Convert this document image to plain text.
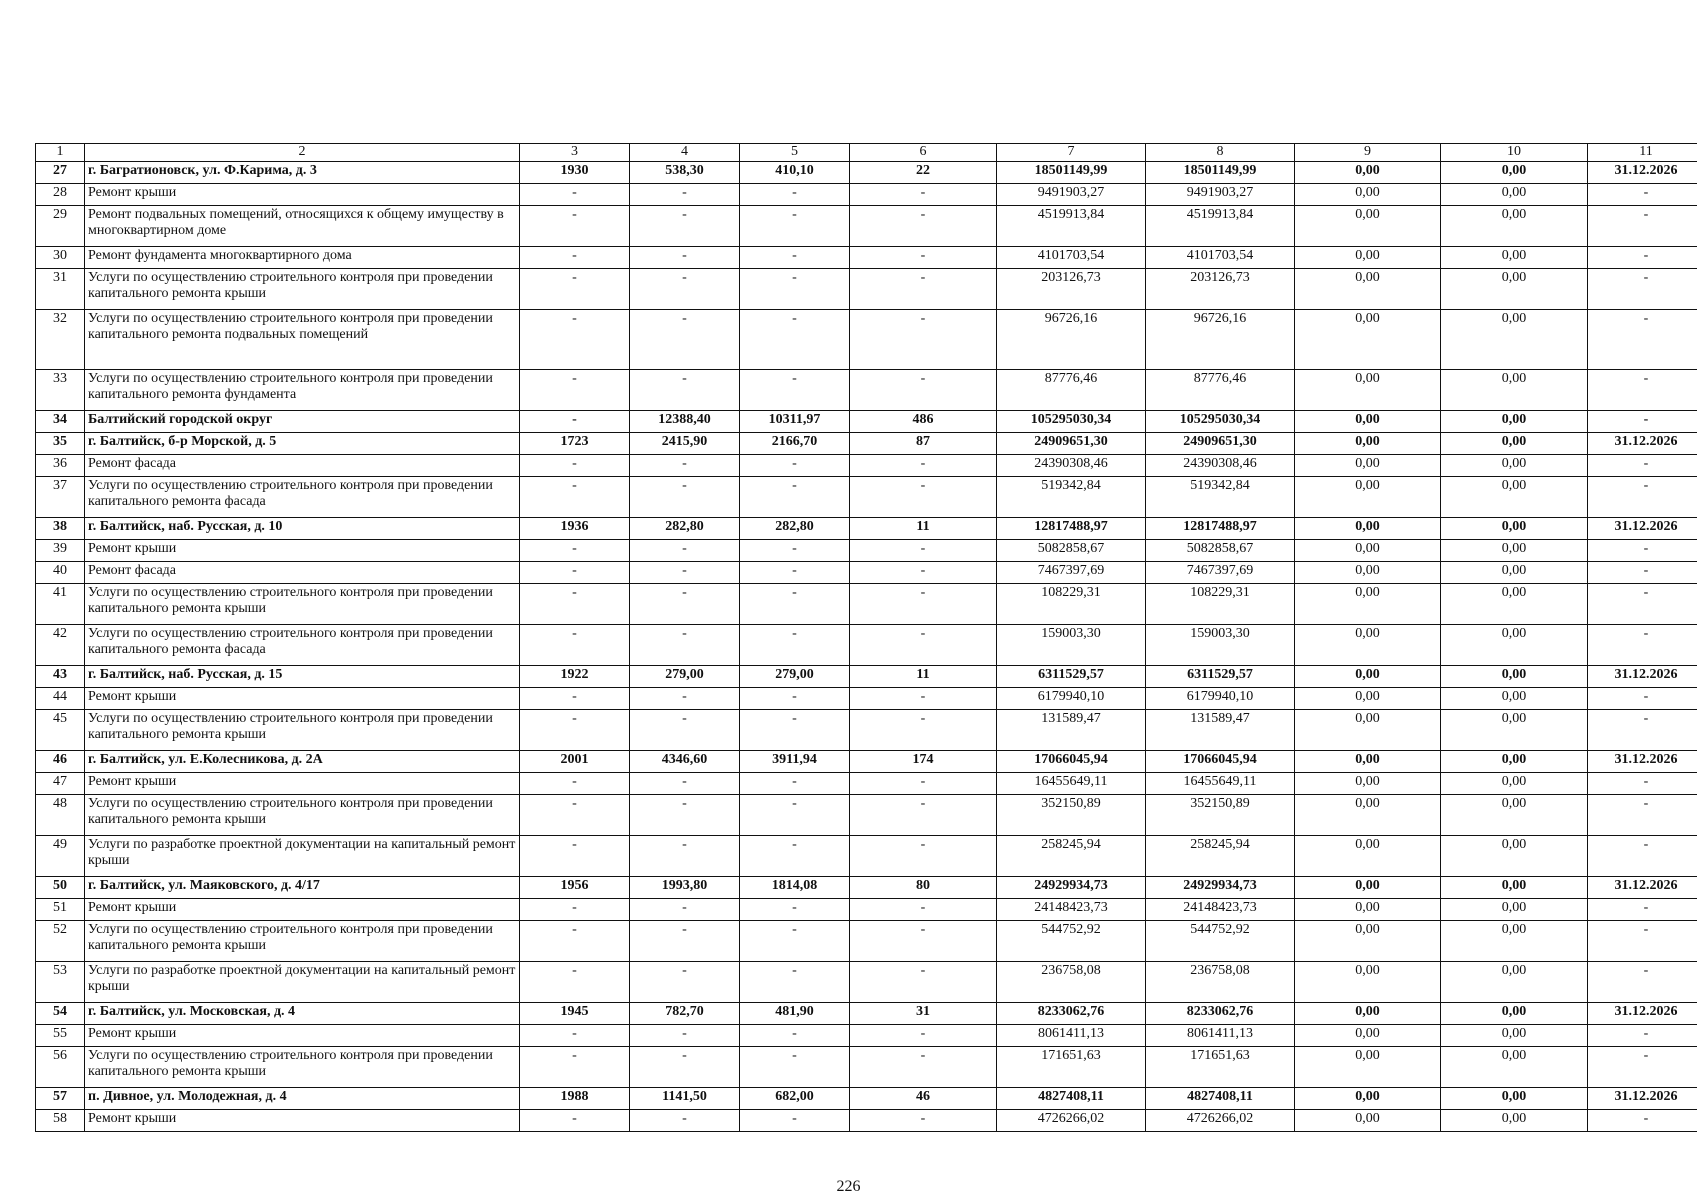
1	2	3	4	5	6	7	8	9	10	11
27	г. Багратионовск, ул. Ф.Карима, д. 3	1930	538,30	410,10	22	18501149,99	18501149,99	0,00	0,00	31.12.2026
28	Ремонт крыши	-	-	-	-	9491903,27	9491903,27	0,00	0,00	-
29	Ремонт подвальных помещений, относящихся к общему имуществу в многоквартирном доме	-	-	-	-	4519913,84	4519913,84	0,00	0,00	-
30	Ремонт фундамента многоквартирного дома	-	-	-	-	4101703,54	4101703,54	0,00	0,00	-
31	Услуги по осуществлению строительного контроля при проведении капитального ремонта крыши	-	-	-	-	203126,73	203126,73	0,00	0,00	-
32	Услуги по осуществлению строительного контроля при проведении капитального ремонта подвальных помещений	-	-	-	-	96726,16	96726,16	0,00	0,00	-
33	Услуги по осуществлению строительного контроля при проведении капитального ремонта фундамента	-	-	-	-	87776,46	87776,46	0,00	0,00	-
34	Балтийский городской округ	-	12388,40	10311,97	486	105295030,34	105295030,34	0,00	0,00	-
35	г. Балтийск, б-р Морской, д. 5	1723	2415,90	2166,70	87	24909651,30	24909651,30	0,00	0,00	31.12.2026
36	Ремонт фасада	-	-	-	-	24390308,46	24390308,46	0,00	0,00	-
37	Услуги по осуществлению строительного контроля при проведении капитального ремонта фасада	-	-	-	-	519342,84	519342,84	0,00	0,00	-
38	г. Балтийск, наб. Русская, д. 10	1936	282,80	282,80	11	12817488,97	12817488,97	0,00	0,00	31.12.2026
39	Ремонт крыши	-	-	-	-	5082858,67	5082858,67	0,00	0,00	-
40	Ремонт фасада	-	-	-	-	7467397,69	7467397,69	0,00	0,00	-
41	Услуги по осуществлению строительного контроля при проведении капитального ремонта крыши	-	-	-	-	108229,31	108229,31	0,00	0,00	-
42	Услуги по осуществлению строительного контроля при проведении капитального ремонта фасада	-	-	-	-	159003,30	159003,30	0,00	0,00	-
43	г. Балтийск, наб. Русская, д. 15	1922	279,00	279,00	11	6311529,57	6311529,57	0,00	0,00	31.12.2026
44	Ремонт крыши	-	-	-	-	6179940,10	6179940,10	0,00	0,00	-
45	Услуги по осуществлению строительного контроля при проведении капитального ремонта крыши	-	-	-	-	131589,47	131589,47	0,00	0,00	-
46	г. Балтийск, ул. Е.Колесникова, д. 2А	2001	4346,60	3911,94	174	17066045,94	17066045,94	0,00	0,00	31.12.2026
47	Ремонт крыши	-	-	-	-	16455649,11	16455649,11	0,00	0,00	-
48	Услуги по осуществлению строительного контроля при проведении капитального ремонта крыши	-	-	-	-	352150,89	352150,89	0,00	0,00	-
49	Услуги по разработке проектной документации на капитальный ремонт крыши	-	-	-	-	258245,94	258245,94	0,00	0,00	-
50	г. Балтийск, ул. Маяковского, д. 4/17	1956	1993,80	1814,08	80	24929934,73	24929934,73	0,00	0,00	31.12.2026
51	Ремонт крыши	-	-	-	-	24148423,73	24148423,73	0,00	0,00	-
52	Услуги по осуществлению строительного контроля при проведении капитального ремонта крыши	-	-	-	-	544752,92	544752,92	0,00	0,00	-
53	Услуги по разработке проектной документации на капитальный ремонт крыши	-	-	-	-	236758,08	236758,08	0,00	0,00	-
54	г. Балтийск, ул. Московская, д. 4	1945	782,70	481,90	31	8233062,76	8233062,76	0,00	0,00	31.12.2026
55	Ремонт крыши	-	-	-	-	8061411,13	8061411,13	0,00	0,00	-
56	Услуги по осуществлению строительного контроля при проведении капитального ремонта крыши	-	-	-	-	171651,63	171651,63	0,00	0,00	-
57	п. Дивное, ул. Молодежная, д. 4	1988	1141,50	682,00	46	4827408,11	4827408,11	0,00	0,00	31.12.2026
58	Ремонт крыши	-	-	-	-	4726266,02	4726266,02	0,00	0,00	-
226
